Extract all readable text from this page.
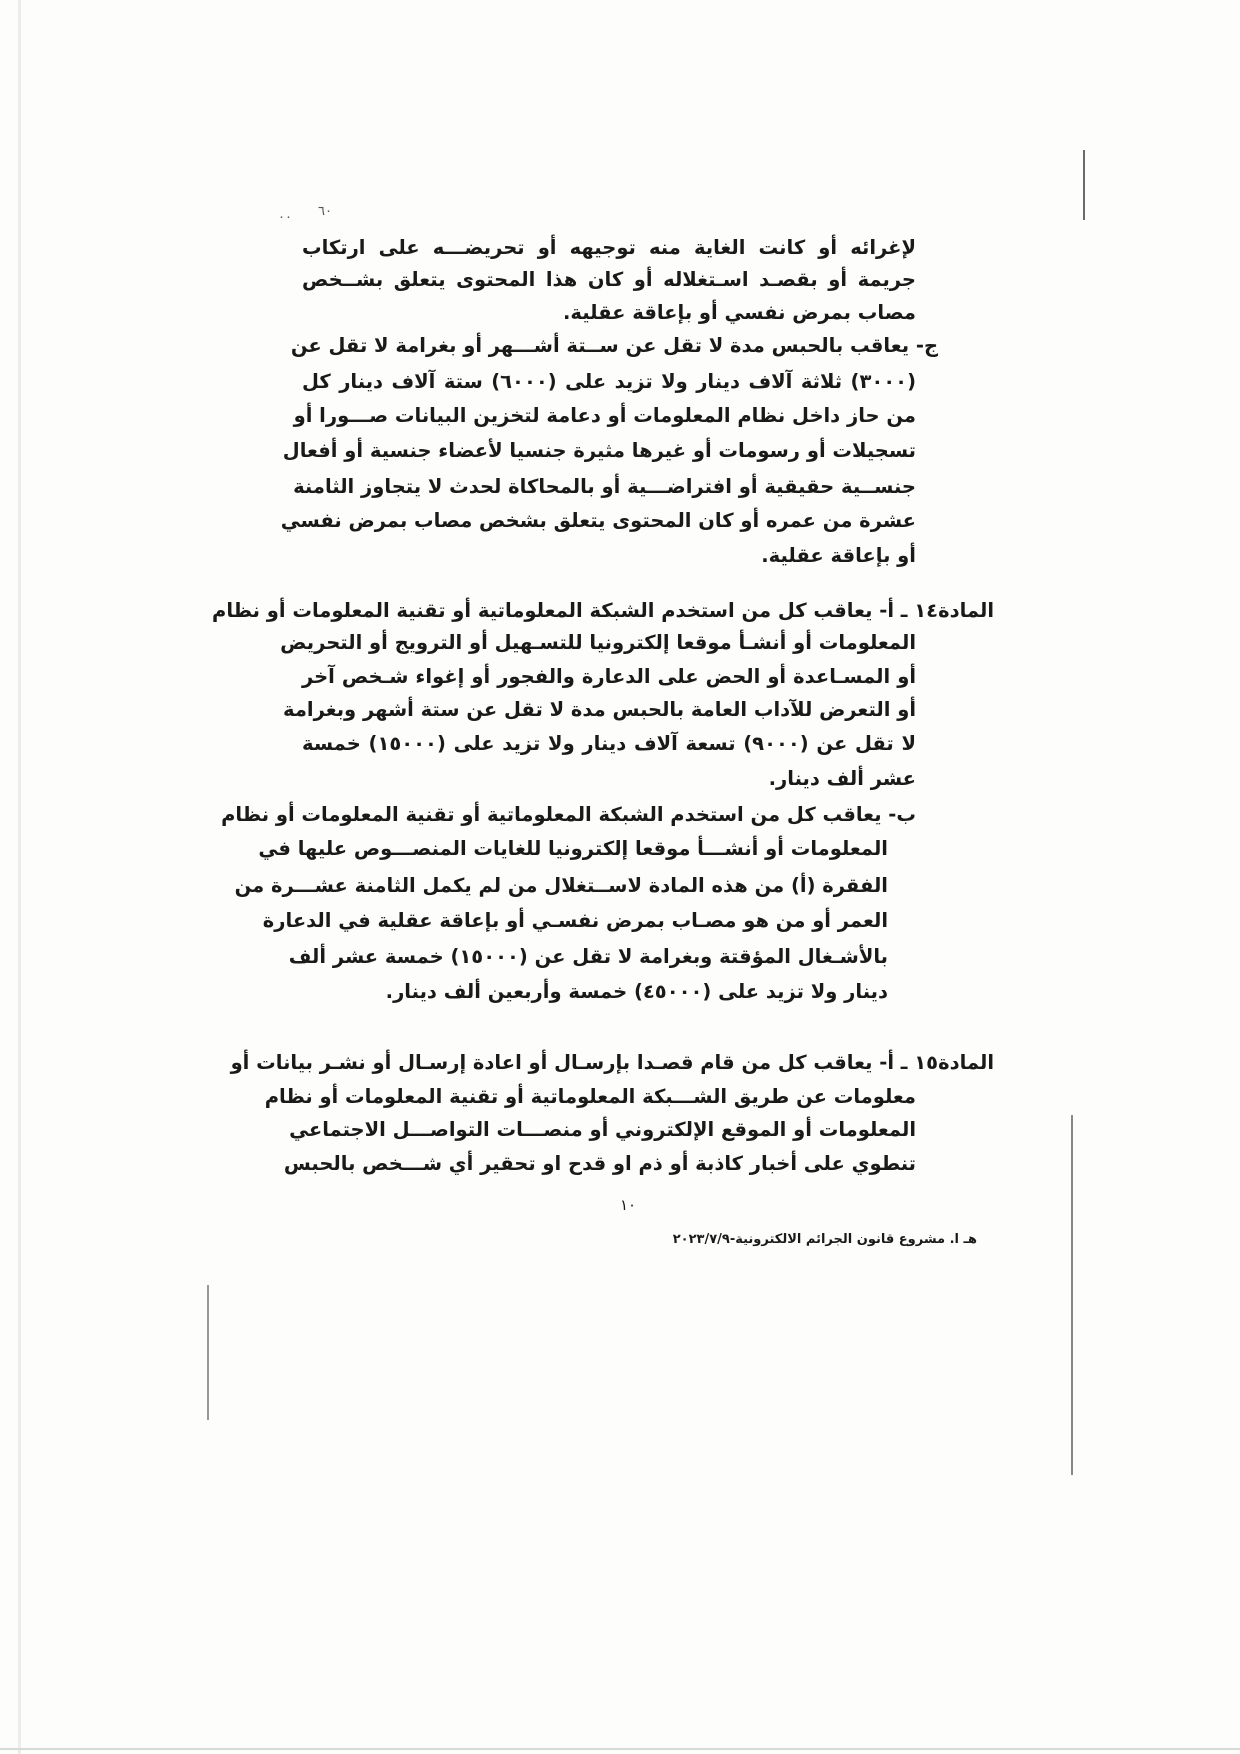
٠٠ ٦٠
لإغرائه أو كانت الغاية منه توجيهه أو تحريضـــه على ارتكاب
جريمة أو بقصـد اسـتغلاله أو كان هذا المحتوى يتعلق بشــخص
مصاب بمرض نفسي أو بإعاقة عقلية.
ج- يعاقب بالحبس مدة لا تقل عن ســتة أشـــهر أو بغرامة لا تقل عن
(٣٠٠٠) ثلاثة آلاف دينار ولا تزيد على (٦٠٠٠) ستة آلاف دينار كل
من حاز داخل نظام المعلومات أو دعامة لتخزين البيانات صـــورا أو
تسجيلات أو رسومات أو غيرها مثيرة جنسيا لأعضاء جنسية أو أفعال
جنســية حقيقية أو افتراضـــية أو بالمحاكاة لحدث لا يتجاوز الثامنة
عشرة من عمره أو كان المحتوى يتعلق بشخص مصاب بمرض نفسي
أو بإعاقة عقلية.
المادة١٤ ـ أ- يعاقب كل من استخدم الشبكة المعلوماتية أو تقنية المعلومات أو نظام
المعلومات أو أنشـأ موقعا إلكترونيا للتسـهيل أو الترويج أو التحريض
أو المسـاعدة أو الحض على الدعارة والفجور أو إغواء شـخص آخر
أو التعرض للآداب العامة بالحبس مدة لا تقل عن ستة أشهر وبغرامة
لا تقل عن (٩٠٠٠) تسعة آلاف دينار ولا تزيد على (١٥٠٠٠) خمسة
عشر ألف دينار.
ب- يعاقب كل من استخدم الشبكة المعلوماتية أو تقنية المعلومات أو نظام
المعلومات أو أنشـــأ موقعا إلكترونيا للغايات المنصـــوص عليها في
الفقرة (أ) من هذه المادة لاســتغلال من لم يكمل الثامنة عشـــرة من
العمر أو من هو مصـاب بمرض نفسـي أو بإعاقة عقلية في الدعارة
بالأشـغال المؤقتة وبغرامة لا تقل عن (١٥٠٠٠) خمسة عشر ألف
دينار ولا تزيد على (٤٥٠٠٠) خمسة وأربعين ألف دينار.
المادة١٥ ـ أ- يعاقب كل من قام قصـدا بإرسـال أو اعادة إرسـال أو نشـر بيانات أو
معلومات عن طريق الشـــبكة المعلوماتية أو تقنية المعلومات أو نظام
المعلومات أو الموقع الإلكتروني أو منصـــات التواصـــل الاجتماعي
تنطوي على أخبار كاذبة أو ذم او قدح او تحقير أي شـــخص بالحبس
١٠
هـ ا. مشروع قانون الجرائم الالكترونية-٢٠٢٣/٧/٩
